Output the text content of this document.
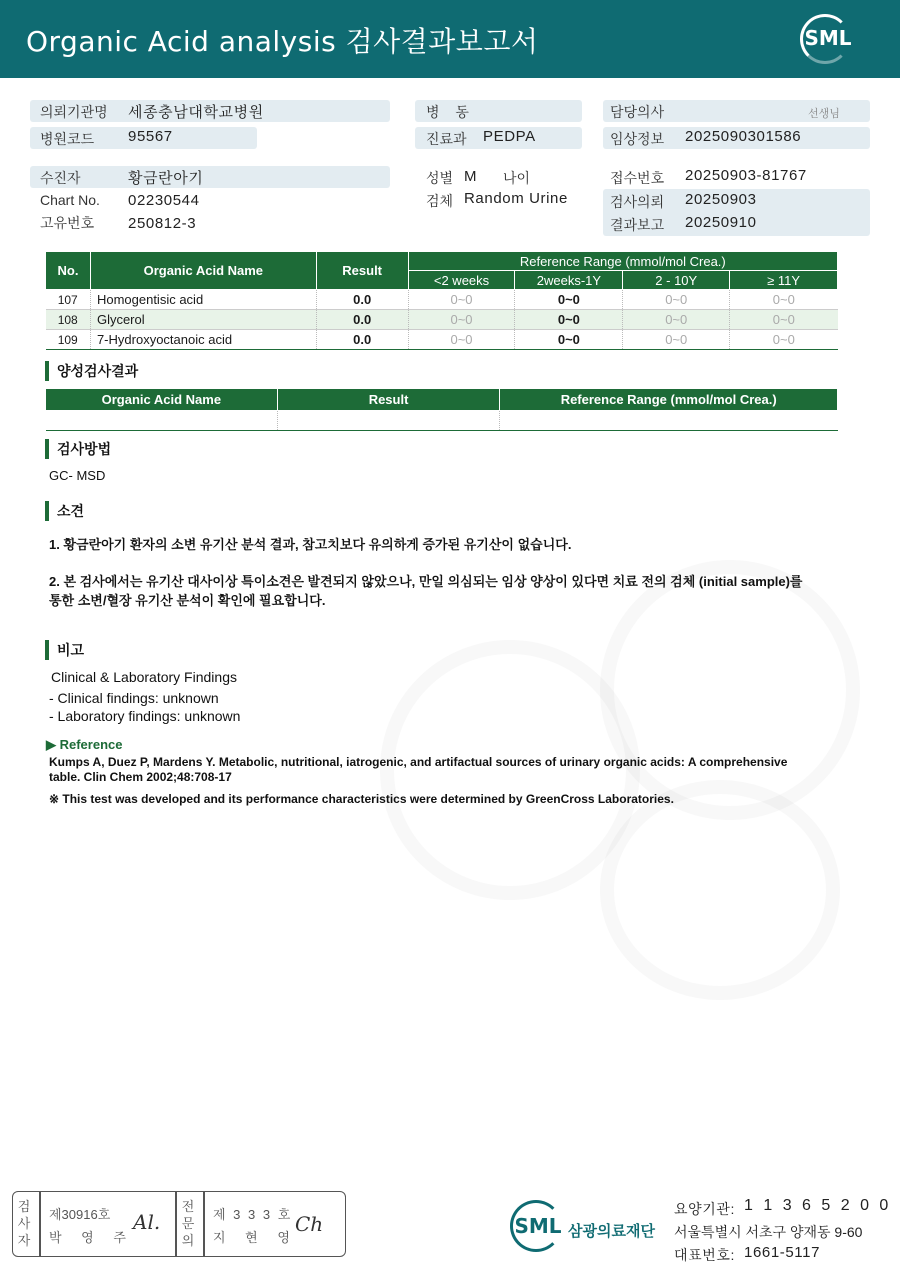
Organic Acid analysis 검사결과보고서	SML
의뢰기관명 세종충남대학교병원
병원코드 95567
병 동
진료과 PEDPA
담당의사	선생님
임상정보 2025090301586
수진자	황금란아기
Chart No. 02230544
고유번호 250812-3
성별 M 나이
검체 Random Urine
접수번호 20250903-81767
검사의뢰 20250903
결과보고 20250910
No.	Organic Acid Name	Result	Reference Range (mmol/mol Crea.)			
			<2 weeks	2weeks-1Y	2 - 10Y	≥ 11Y
107	Homogentisic acid	0.0	0~0	0~0	0~0	0~0
108	Glycerol	0.0	0~0	0~0	0~0	0~0
109	7-Hydroxyoctanoic acid	0.0	0~0	0~0	0~0	0~0
양성검사결과
Organic Acid Name	Result	Reference Range (mmol/mol Crea.)

검사방법
GC- MSD
소견
1. 황금란아기 환자의 소변 유기산 분석 결과, 참고치보다 유의하게 증가된 유기산이 없습니다.
2. 본 검사에서는 유기산 대사이상 특이소견은 발견되지 않았으나, 만일 의심되는 임상 양상이 있다면 치료 전의 검체 (initial sample)를
통한 소변/혈장 유기산 분석이 확인에 필요합니다.
비고
Clinical & Laboratory Findings
- Clinical findings: unknown
- Laboratory findings: unknown
▶ Reference
Kumps A, Duez P, Mardens Y. Metabolic, nutritional, iatrogenic, and artifactual sources of urinary organic acids: A comprehensive
table. Clin Chem 2002;48:708-17
※ This test was developed and its performance characteristics were determined by GreenCross Laboratories.
검사자
제30916호
박 영 주
Al.
전문의
제 3 3 3 호
지 현 영
Ch	SML 삼광의료재단
요양기관: 1 1 3 6 5 2 0 0
서울특별시 서초구 양재동 9-60
대표번호: 1661-5117
